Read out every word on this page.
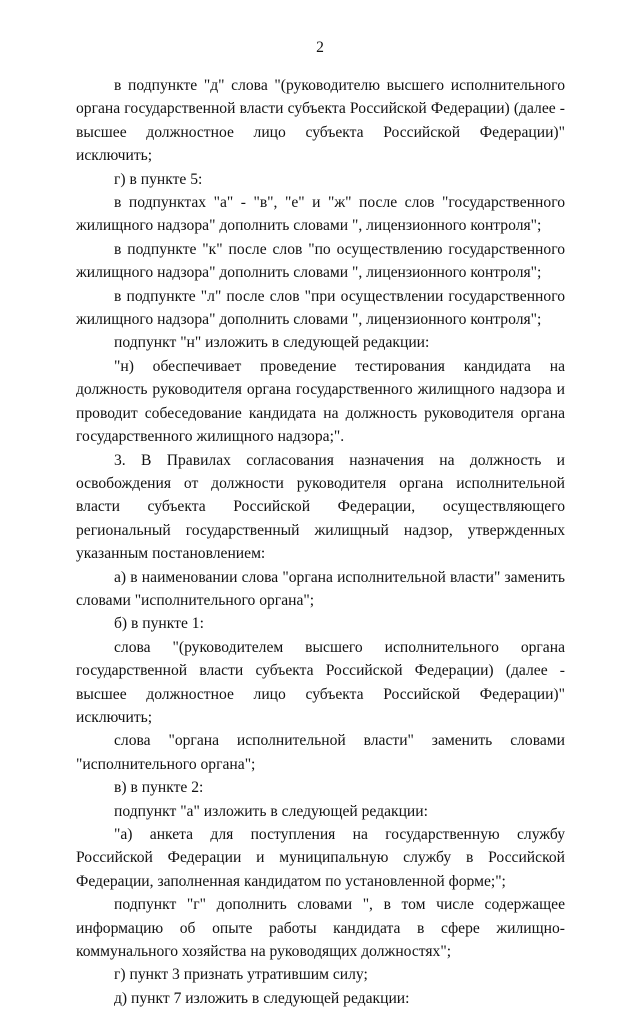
2

в подпункте "д" слова "(руководителю высшего исполнительного органа государственной власти субъекта Российской Федерации) (далее - высшее должностное лицо субъекта Российской Федерации)" исключить;

г) в пункте 5:

в подпунктах "а" - "в", "е" и "ж" после слов "государственного жилищного надзора" дополнить словами ", лицензионного контроля";

в подпункте "к" после слов "по осуществлению государственного жилищного надзора" дополнить словами ", лицензионного контроля";

в подпункте "л" после слов "при осуществлении государственного жилищного надзора" дополнить словами ", лицензионного контроля";

подпункт "н" изложить в следующей редакции:

"н) обеспечивает проведение тестирования кандидата на должность руководителя органа государственного жилищного надзора и проводит собеседование кандидата на должность руководителя органа государственного жилищного надзора;".

3. В Правилах согласования назначения на должность и освобождения от должности руководителя органа исполнительной власти субъекта Российской Федерации, осуществляющего региональный государственный жилищный надзор, утвержденных указанным постановлением:

а) в наименовании слова "органа исполнительной власти" заменить словами "исполнительного органа";

б) в пункте 1:

слова "(руководителем высшего исполнительного органа государственной власти субъекта Российской Федерации) (далее - высшее должностное лицо субъекта Российской Федерации)" исключить;

слова "органа исполнительной власти" заменить словами "исполнительного органа";

в) в пункте 2:

подпункт "а" изложить в следующей редакции:

"а) анкета для поступления на государственную службу Российской Федерации и муниципальную службу в Российской Федерации, заполненная кандидатом по установленной форме;";

подпункт "г" дополнить словами ", в том числе содержащее информацию об опыте работы кандидата в сфере жилищно-коммунального хозяйства на руководящих должностях";

г) пункт 3 признать утратившим силу;

д) пункт 7 изложить в следующей редакции:
